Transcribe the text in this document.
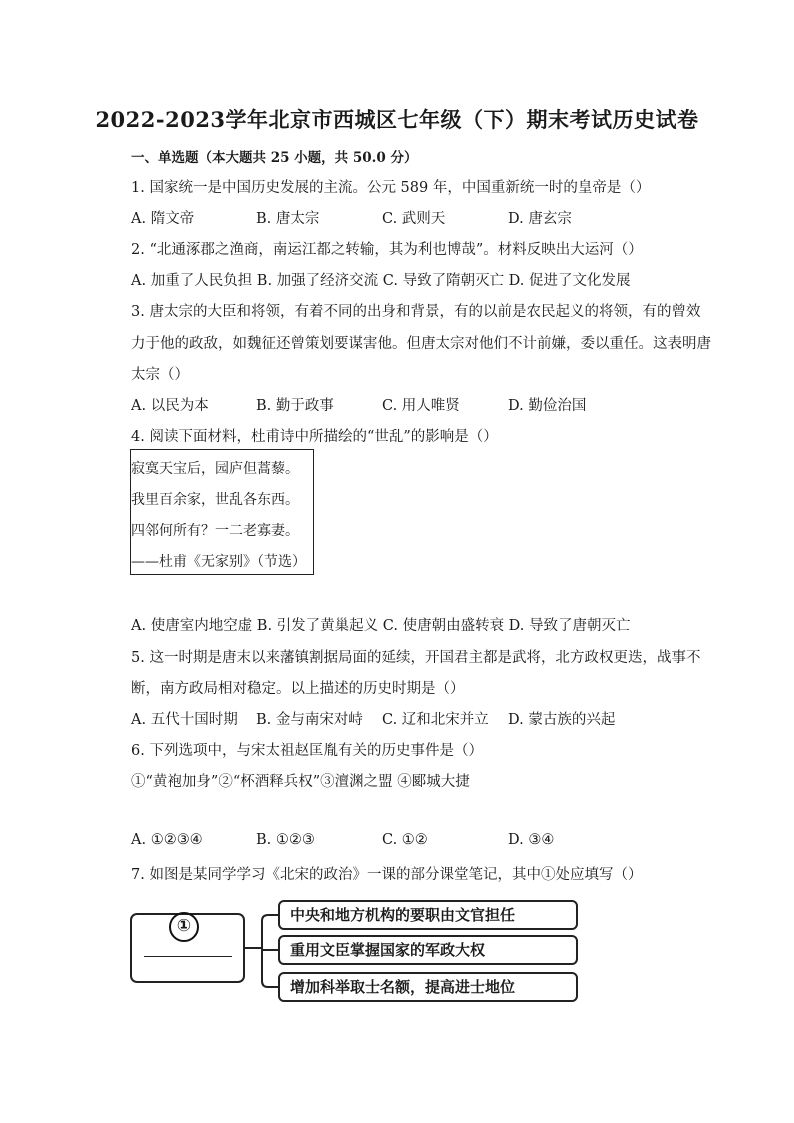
2022-2023学年北京市西城区七年级（下）期末考试历史试卷
一、单选题（本大题共 25 小题，共 50.0 分）
1. 国家统一是中国历史发展的主流。公元 589 年，中国重新统一时的皇帝是（）
A. 隋文帝	B. 唐太宗	C. 武则天	D. 唐玄宗
2. “北通涿郡之渔商，南运江都之转输，其为利也博哉”。材料反映出大运河（）
A. 加重了人民负担 B. 加强了经济交流 C. 导致了隋朝灭亡 D. 促进了文化发展
3. 唐太宗的大臣和将领，有着不同的出身和背景，有的以前是农民起义的将领，有的曾效
力于他的政敌，如魏征还曾策划要谋害他。但唐太宗对他们不计前嫌，委以重任。这表明唐
太宗（）
A. 以民为本	B. 勤于政事	C. 用人唯贤	D. 勤俭治国
4. 阅读下面材料，杜甫诗中所描绘的“世乱”的影响是（）
寂寞天宝后，园庐但蒿藜。
我里百余家，世乱各东西。
四邻何所有？一二老寡妻。
——杜甫《无家别》（节选）
A. 使唐室内地空虚 B. 引发了黄巢起义 C. 使唐朝由盛转衰 D. 导致了唐朝灭亡
5. 这一时期是唐末以来藩镇割据局面的延续，开国君主都是武将，北方政权更迭，战事不
断，南方政局相对稳定。以上描述的历史时期是（）
A. 五代十国时期 B. 金与南宋对峙 C. 辽和北宋并立 D. 蒙古族的兴起
6. 下列选项中，与宋太祖赵匡胤有关的历史事件是（）
①“黄袍加身”②“杯酒释兵权”③澶渊之盟 ④郾城大捷
A. ①②③④	B. ①②③	C. ①②	D. ③④
7. 如图是某同学学习《北宋的政治》一课的部分课堂笔记，其中①处应填写（）
①
中央和地方机构的要职由文官担任
重用文臣掌握国家的军政大权
增加科举取士名额，提高进士地位
